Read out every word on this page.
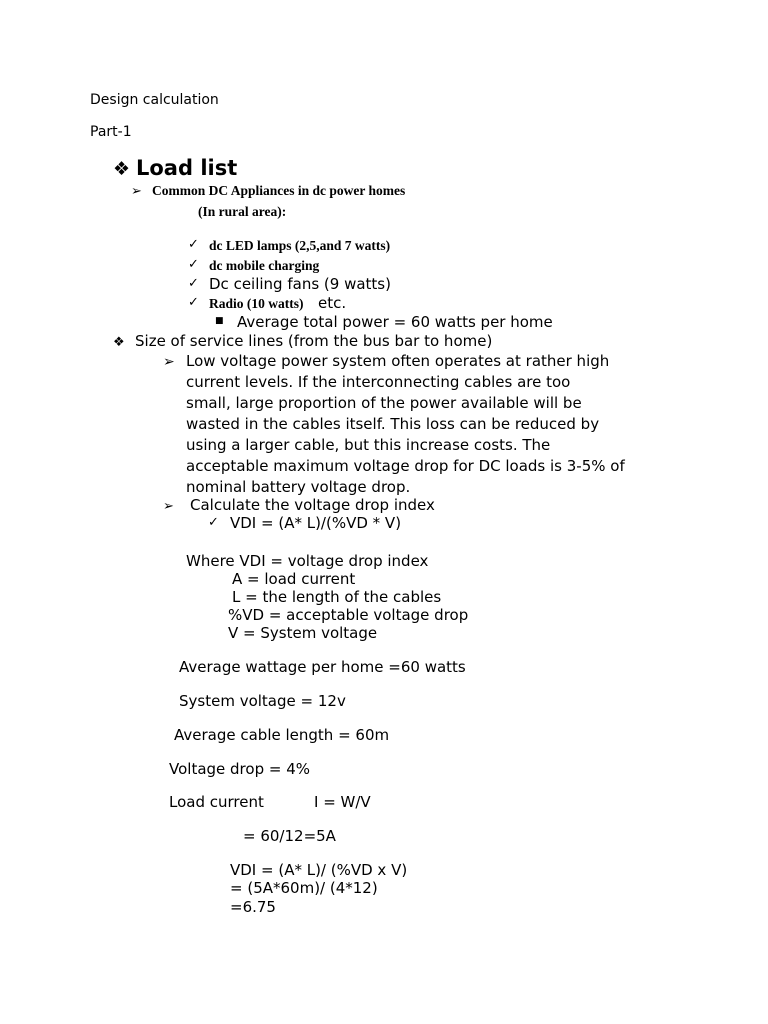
Design calculation
Part-1
❖ Load list
➢ Common DC Appliances in dc power homes
(In rural area):
✓ dc LED lamps (2,5,and 7 watts)
✓ dc mobile charging
✓ Dc ceiling fans (9 watts)
✓ Radio (10 watts) etc.
■ Average total power = 60 watts per home
❖ Size of service lines (from the bus bar to home)
➢ Low voltage power system often operates at rather high
current levels. If the interconnecting cables are too
small, large proportion of the power available will be
wasted in the cables itself. This loss can be reduced by
using a larger cable, but this increase costs. The
acceptable maximum voltage drop for DC loads is 3-5% of
nominal battery voltage drop.
➢ Calculate the voltage drop index
✓ VDI = (A* L)/(%VD * V)
Where VDI = voltage drop index
A = load current
L = the length of the cables
%VD = acceptable voltage drop
V = System voltage
Average wattage per home =60 watts
System voltage = 12v
Average cable length = 60m
Voltage drop = 4%
Load current	I = W/V
= 60/12=5A
VDI = (A* L)/ (%VD x V)
= (5A*60m)/ (4*12)
=6.75
